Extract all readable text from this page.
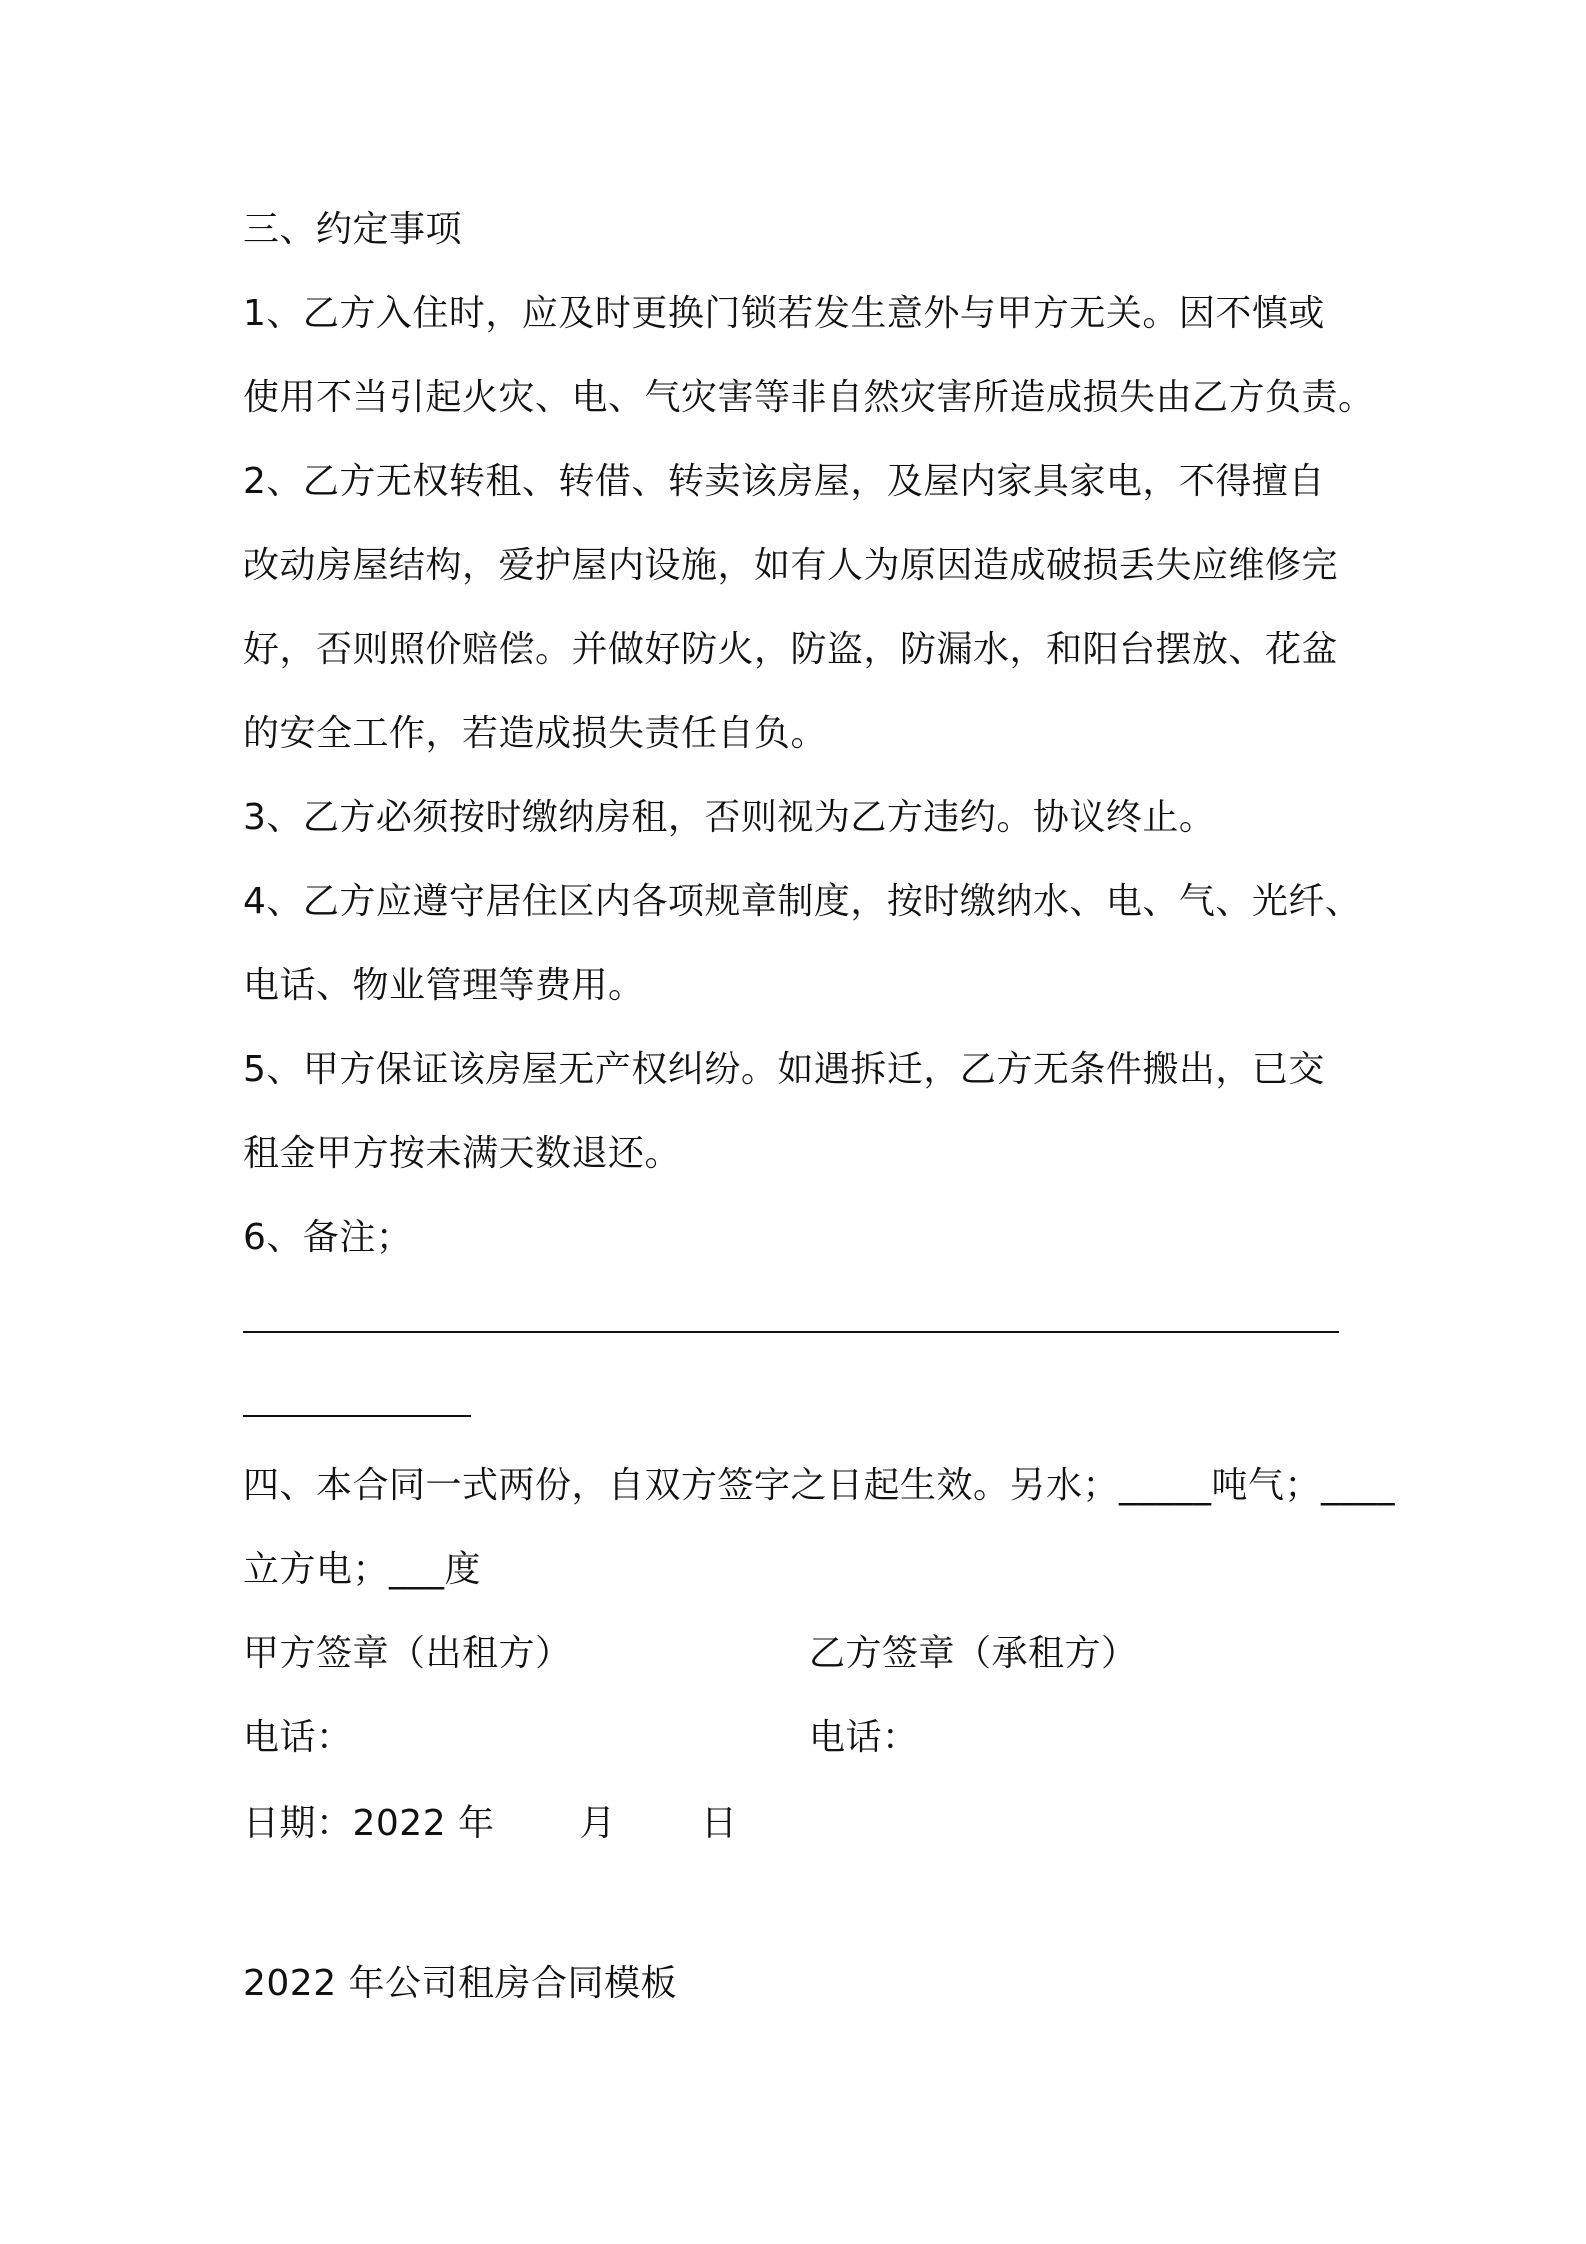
三、约定事项
1、乙方入住时，应及时更换门锁若发生意外与甲方无关。因不慎或
使用不当引起火灾、电、气灾害等非自然灾害所造成损失由乙方负责。
2、乙方无权转租、转借、转卖该房屋，及屋内家具家电，不得擅自
改动房屋结构，爱护屋内设施，如有人为原因造成破损丢失应维修完
好，否则照价赔偿。并做好防火，防盗，防漏水，和阳台摆放、花盆
的安全工作，若造成损失责任自负。
3、乙方必须按时缴纳房租，否则视为乙方违约。协议终止。
4、乙方应遵守居住区内各项规章制度，按时缴纳水、电、气、光纤、
电话、物业管理等费用。
5、甲方保证该房屋无产权纠纷。如遇拆迁，乙方无条件搬出，已交
租金甲方按未满天数退还。
6、备注；
四、本合同一式两份，自双方签字之日起生效。另水；_____吨气；____
立方电；___度
甲方签章（出租方）	乙方签章（承租方）
电话：	电话：
日期：2022 年　　 月　　 日
2022 年公司租房合同模板
